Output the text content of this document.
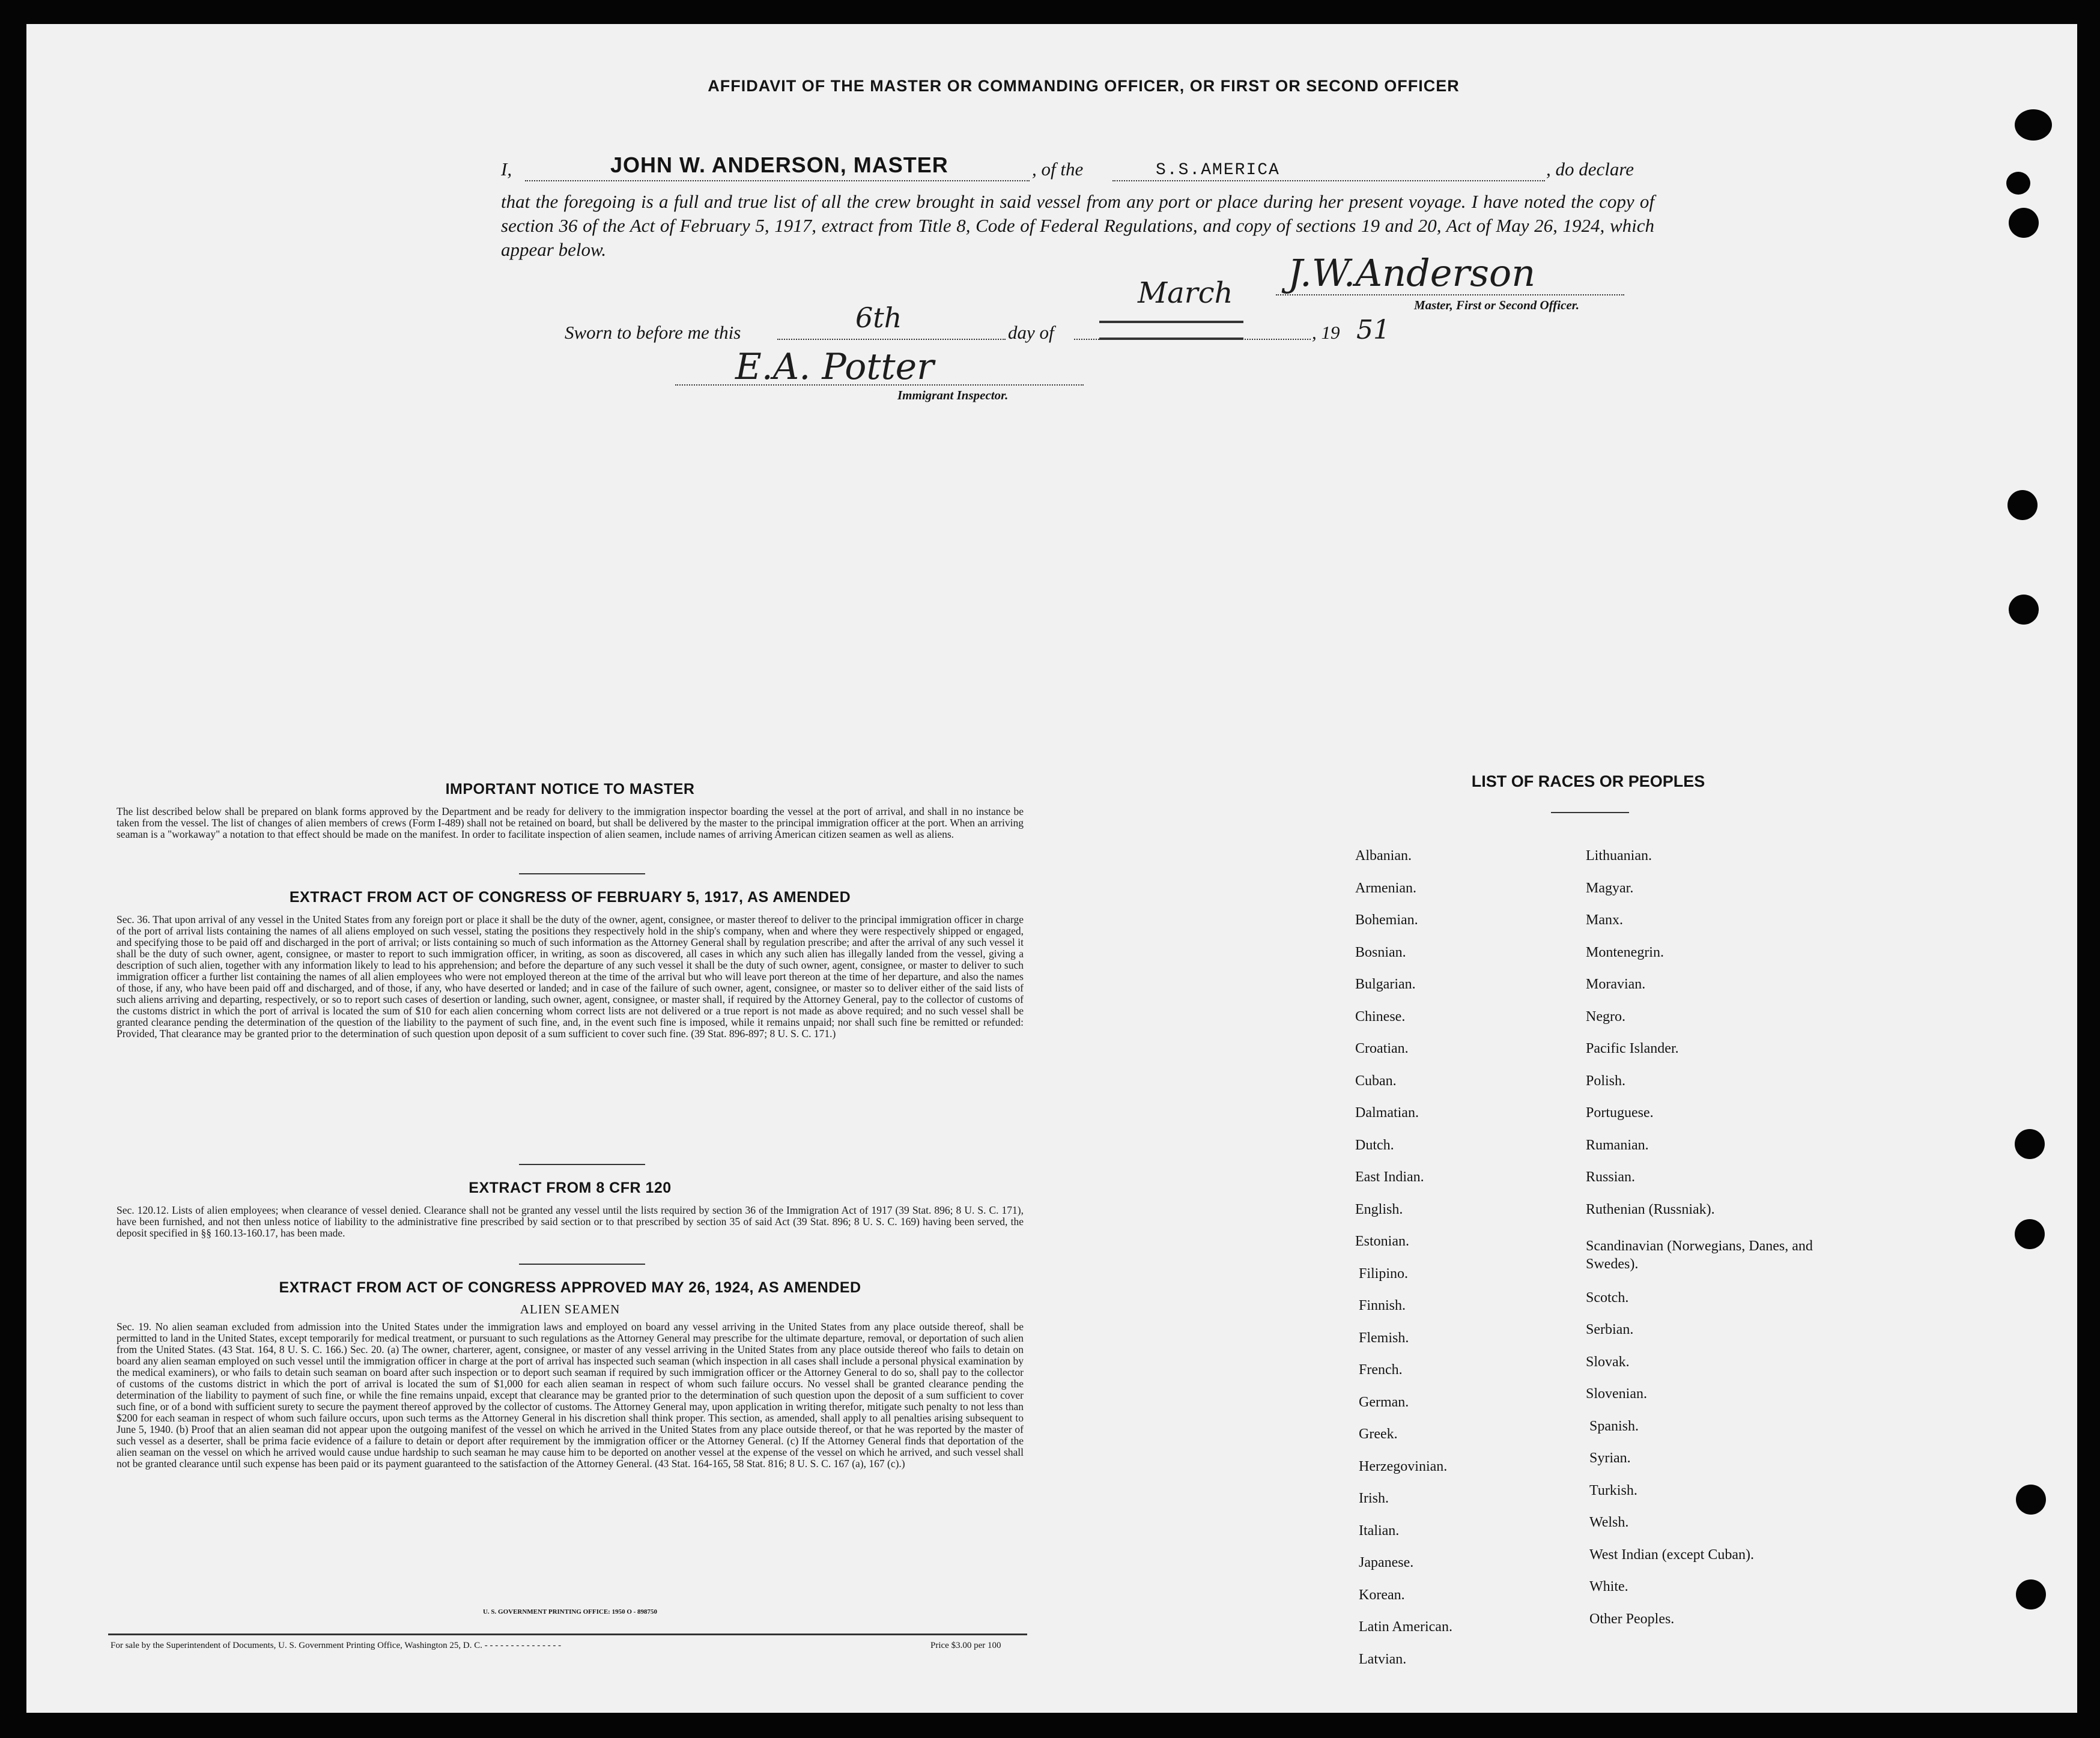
AFFIDAVIT OF THE MASTER OR COMMANDING OFFICER, OR FIRST OR SECOND OFFICER
I,	JOHN W. ANDERSON, MASTER	, of the	S.S.AMERICA	, do declare
that the foregoing is a full and true list of all the crew brought in said vessel from any port or place during her present voyage. I have noted the copy of section 36 of the Act of February 5, 1917, extract from Title 8, Code of Federal Regulations, and copy of sections 19 and 20, Act of May 26, 1924, which appear below.
J.W.Anderson
Master, First or Second Officer.
Sworn to before me this	6th	day of
March
, 19 51
E.A. Potter
Immigrant Inspector.
IMPORTANT NOTICE TO MASTER
The list described below shall be prepared on blank forms approved by the Department and be ready for delivery to the immigration inspector boarding the vessel at the port of arrival, and shall in no instance be taken from the vessel. The list of changes of alien members of crews (Form I-489) shall not be retained on board, but shall be delivered by the master to the principal immigration officer at the port. When an arriving seaman is a "workaway" a notation to that effect should be made on the manifest. In order to facilitate inspection of alien seamen, include names of arriving American citizen seamen as well as aliens.
EXTRACT FROM ACT OF CONGRESS OF FEBRUARY 5, 1917, AS AMENDED
Sec. 36. That upon arrival of any vessel in the United States from any foreign port or place it shall be the duty of the owner, agent, consignee, or master thereof to deliver to the principal immigration officer in charge of the port of arrival lists containing the names of all aliens employed on such vessel, stating the positions they respectively hold in the ship's company, when and where they were respectively shipped or engaged, and specifying those to be paid off and discharged in the port of arrival; or lists containing so much of such information as the Attorney General shall by regulation prescribe; and after the arrival of any such vessel it shall be the duty of such owner, agent, consignee, or master to report to such immigration officer, in writing, as soon as discovered, all cases in which any such alien has illegally landed from the vessel, giving a description of such alien, together with any information likely to lead to his apprehension; and before the departure of any such vessel it shall be the duty of such owner, agent, consignee, or master to deliver to such immigration officer a further list containing the names of all alien employees who were not employed thereon at the time of the arrival but who will leave port thereon at the time of her departure, and also the names of those, if any, who have been paid off and discharged, and of those, if any, who have deserted or landed; and in case of the failure of such owner, agent, consignee, or master so to deliver either of the said lists of such aliens arriving and departing, respectively, or so to report such cases of desertion or landing, such owner, agent, consignee, or master shall, if required by the Attorney General, pay to the collector of customs of the customs district in which the port of arrival is located the sum of $10 for each alien concerning whom correct lists are not delivered or a true report is not made as above required; and no such vessel shall be granted clearance pending the determination of the question of the liability to the payment of such fine, and, in the event such fine is imposed, while it remains unpaid; nor shall such fine be remitted or refunded: Provided, That clearance may be granted prior to the determination of such question upon deposit of a sum sufficient to cover such fine. (39 Stat. 896-897; 8 U. S. C. 171.)
EXTRACT FROM 8 CFR 120
Sec. 120.12. Lists of alien employees; when clearance of vessel denied. Clearance shall not be granted any vessel until the lists required by section 36 of the Immigration Act of 1917 (39 Stat. 896; 8 U. S. C. 171), have been furnished, and not then unless notice of liability to the administrative fine prescribed by said section or to that prescribed by section 35 of said Act (39 Stat. 896; 8 U. S. C. 169) having been served, the deposit specified in §§ 160.13-160.17, has been made.
EXTRACT FROM ACT OF CONGRESS APPROVED MAY 26, 1924, AS AMENDED
ALIEN SEAMEN
Sec. 19. No alien seaman excluded from admission into the United States under the immigration laws and employed on board any vessel arriving in the United States from any place outside thereof, shall be permitted to land in the United States, except temporarily for medical treatment, or pursuant to such regulations as the Attorney General may prescribe for the ultimate departure, removal, or deportation of such alien from the United States. (43 Stat. 164, 8 U. S. C. 166.) Sec. 20. (a) The owner, charterer, agent, consignee, or master of any vessel arriving in the United States from any place outside thereof who fails to detain on board any alien seaman employed on such vessel until the immigration officer in charge at the port of arrival has inspected such seaman (which inspection in all cases shall include a personal physical examination by the medical examiners), or who fails to detain such seaman on board after such inspection or to deport such seaman if required by such immigration officer or the Attorney General to do so, shall pay to the collector of customs of the customs district in which the port of arrival is located the sum of $1,000 for each alien seaman in respect of whom such failure occurs. No vessel shall be granted clearance pending the determination of the liability to payment of such fine, or while the fine remains unpaid, except that clearance may be granted prior to the determination of such question upon the deposit of a sum sufficient to cover such fine, or of a bond with sufficient surety to secure the payment thereof approved by the collector of customs. The Attorney General may, upon application in writing therefor, mitigate such penalty to not less than $200 for each seaman in respect of whom such failure occurs, upon such terms as the Attorney General in his discretion shall think proper. This section, as amended, shall apply to all penalties arising subsequent to June 5, 1940. (b) Proof that an alien seaman did not appear upon the outgoing manifest of the vessel on which he arrived in the United States from any place outside thereof, or that he was reported by the master of such vessel as a deserter, shall be prima facie evidence of a failure to detain or deport after requirement by the immigration officer or the Attorney General. (c) If the Attorney General finds that deportation of the alien seaman on the vessel on which he arrived would cause undue hardship to such seaman he may cause him to be deported on another vessel at the expense of the vessel on which he arrived, and such vessel shall not be granted clearance until such expense has been paid or its payment guaranteed to the satisfaction of the Attorney General. (43 Stat. 164-165, 58 Stat. 816; 8 U. S. C. 167 (a), 167 (c).)
U. S. GOVERNMENT PRINTING OFFICE: 1950 O - 898750
For sale by the Superintendent of Documents, U. S. Government Printing Office, Washington 25, D. C. - - - - - - - - - - - - - - -	Price $3.00 per 100
LIST OF RACES OR PEOPLES
Albanian.
Armenian.
Bohemian.
Bosnian.
Bulgarian.
Chinese.
Croatian.
Cuban.
Dalmatian.
Dutch.
East Indian.
English.
Estonian.
Filipino.
Finnish.
Flemish.
French.
German.
Greek.
Herzegovinian.
Irish.
Italian.
Japanese.
Korean.
Latin American.
Latvian.
Lithuanian.
Magyar.
Manx.
Montenegrin.
Moravian.
Negro.
Pacific Islander.
Polish.
Portuguese.
Rumanian.
Russian.
Ruthenian (Russniak).
Scandinavian (Norwegians, Danes, and Swedes).
Scotch.
Serbian.
Slovak.
Slovenian.
Spanish.
Syrian.
Turkish.
Welsh.
West Indian (except Cuban).
White.
Other Peoples.
